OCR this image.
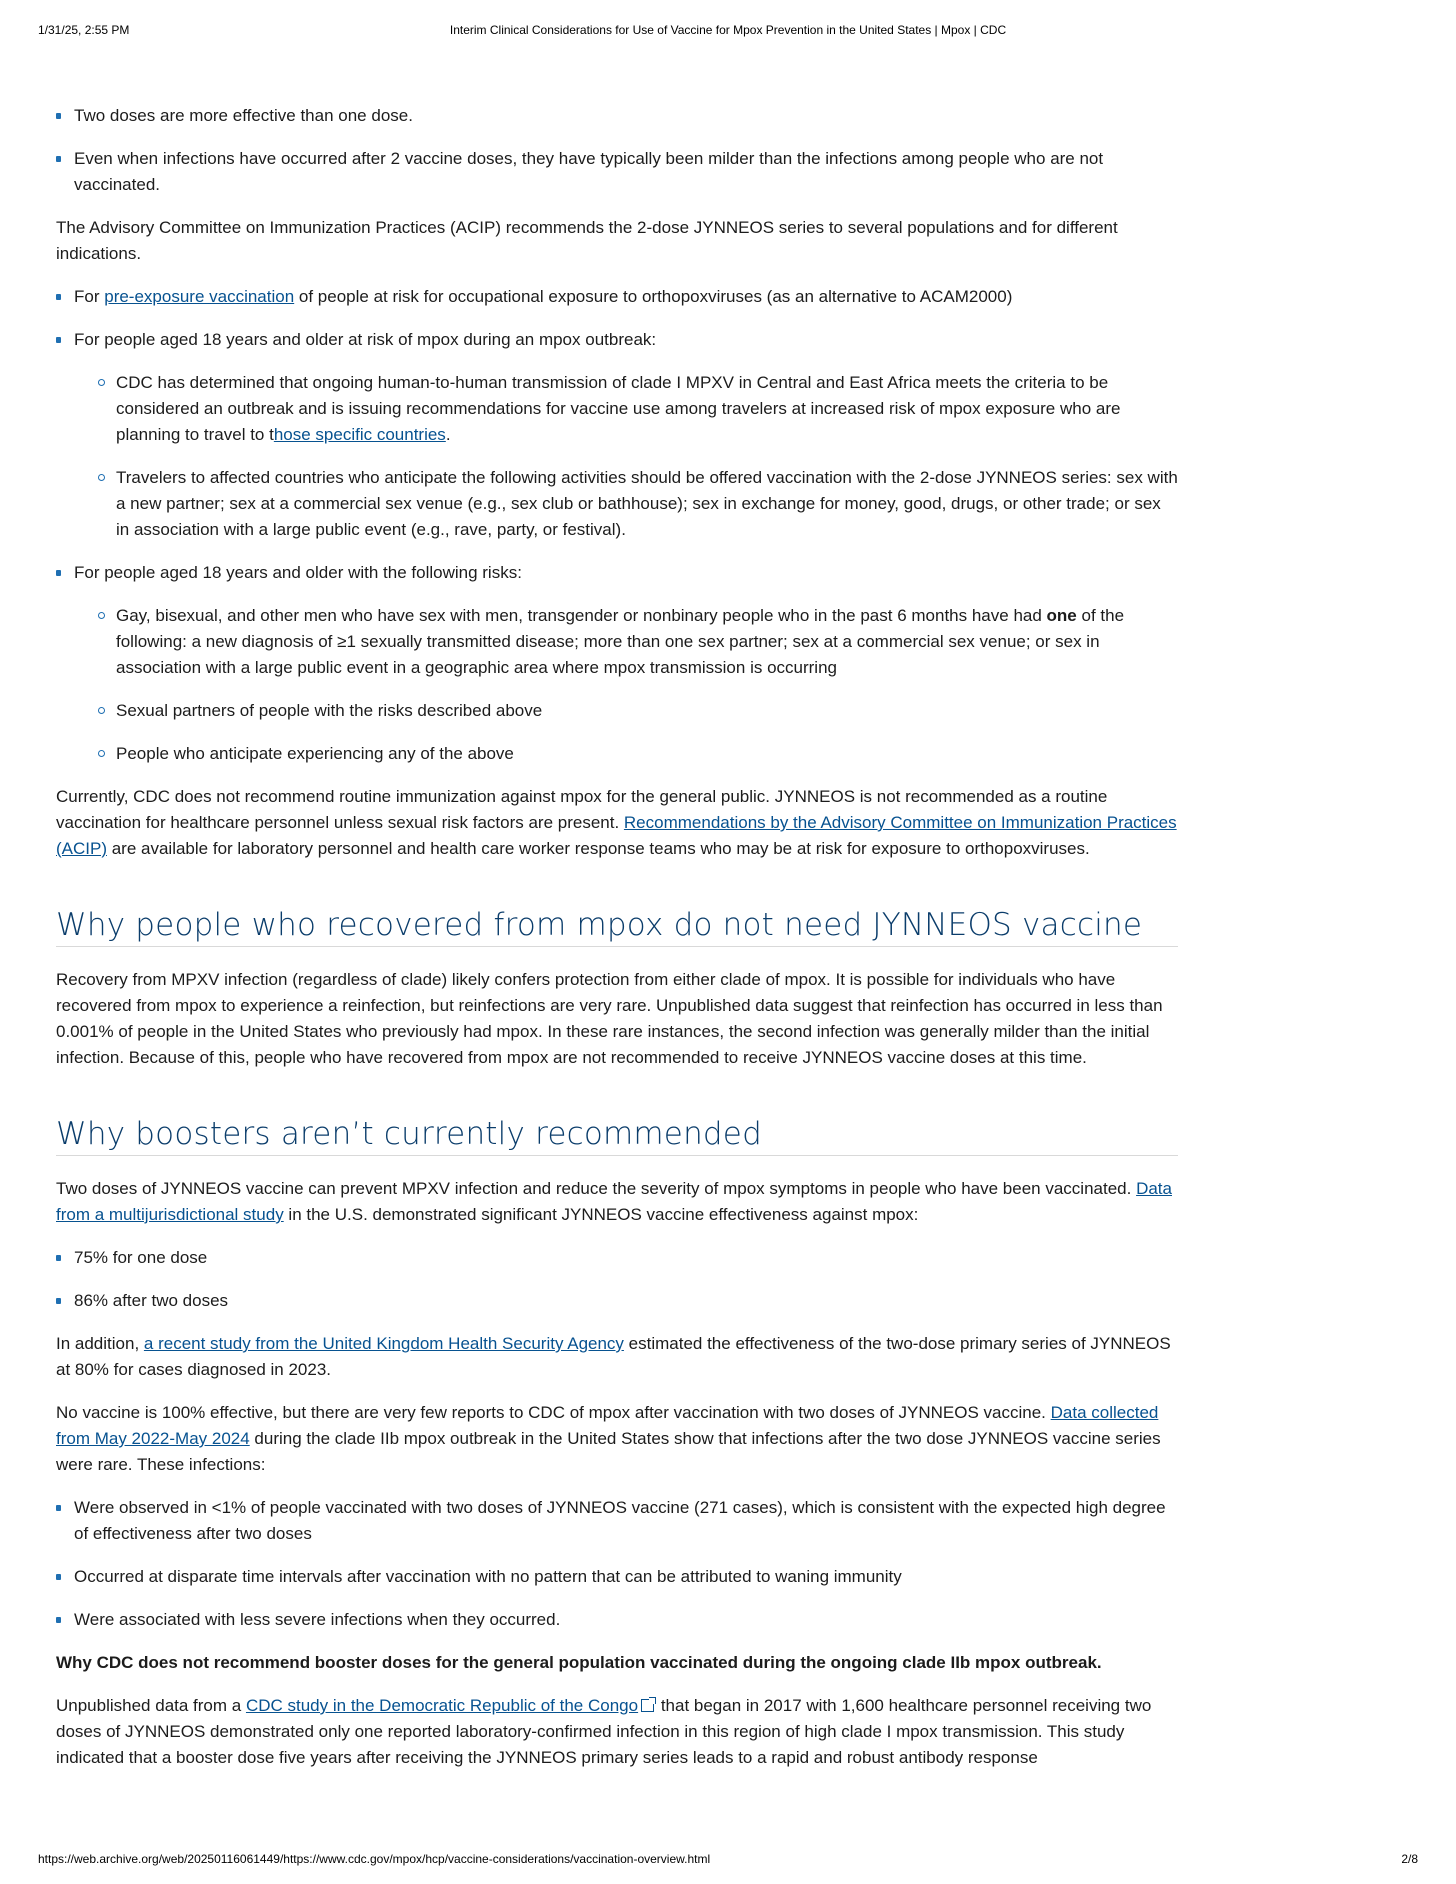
1/31/25, 2:55 PM	Interim Clinical Considerations for Use of Vaccine for Mpox Prevention in the United States | Mpox | CDC
Two doses are more effective than one dose.
Even when infections have occurred after 2 vaccine doses, they have typically been milder than the infections among people who are not vaccinated.

The Advisory Committee on Immunization Practices (ACIP) recommends the 2-dose JYNNEOS series to several populations and for different indications.

For pre-exposure vaccination of people at risk for occupational exposure to orthopoxviruses (as an alternative to ACAM2000)
For people aged 18 years and older at risk of mpox during an mpox outbreak:
CDC has determined that ongoing human-to-human transmission of clade I MPXV in Central and East Africa meets the criteria to be considered an outbreak and is issuing recommendations for vaccine use among travelers at increased risk of mpox exposure who are planning to travel to those specific countries.
Travelers to affected countries who anticipate the following activities should be offered vaccination with the 2-dose JYNNEOS series: sex with a new partner; sex at a commercial sex venue (e.g., sex club or bathhouse); sex in exchange for money, good, drugs, or other trade; or sex in association with a large public event (e.g., rave, party, or festival).
For people aged 18 years and older with the following risks:
Gay, bisexual, and other men who have sex with men, transgender or nonbinary people who in the past 6 months have had one of the following: a new diagnosis of ≥1 sexually transmitted disease; more than one sex partner; sex at a commercial sex venue; or sex in association with a large public event in a geographic area where mpox transmission is occurring
Sexual partners of people with the risks described above
People who anticipate experiencing any of the above

Currently, CDC does not recommend routine immunization against mpox for the general public. JYNNEOS is not recommended as a routine vaccination for healthcare personnel unless sexual risk factors are present. Recommendations by the Advisory Committee on Immunization Practices (ACIP) are available for laboratory personnel and health care worker response teams who may be at risk for exposure to orthopoxviruses.

Why people who recovered from mpox do not need JYNNEOS vaccine

Recovery from MPXV infection (regardless of clade) likely confers protection from either clade of mpox. It is possible for individuals who have recovered from mpox to experience a reinfection, but reinfections are very rare. Unpublished data suggest that reinfection has occurred in less than 0.001% of people in the United States who previously had mpox. In these rare instances, the second infection was generally milder than the initial infection. Because of this, people who have recovered from mpox are not recommended to receive JYNNEOS vaccine doses at this time.

Why boosters aren’t currently recommended

Two doses of JYNNEOS vaccine can prevent MPXV infection and reduce the severity of mpox symptoms in people who have been vaccinated. Data from a multijurisdictional study in the U.S. demonstrated significant JYNNEOS vaccine effectiveness against mpox:

75% for one dose
86% after two doses

In addition, a recent study from the United Kingdom Health Security Agency estimated the effectiveness of the two-dose primary series of JYNNEOS at 80% for cases diagnosed in 2023.

No vaccine is 100% effective, but there are very few reports to CDC of mpox after vaccination with two doses of JYNNEOS vaccine. Data collected from May 2022-May 2024 during the clade IIb mpox outbreak in the United States show that infections after the two dose JYNNEOS vaccine series were rare. These infections:

Were observed in <1% of people vaccinated with two doses of JYNNEOS vaccine (271 cases), which is consistent with the expected high degree of effectiveness after two doses
Occurred at disparate time intervals after vaccination with no pattern that can be attributed to waning immunity
Were associated with less severe infections when they occurred.

Why CDC does not recommend booster doses for the general population vaccinated during the ongoing clade IIb mpox outbreak.

Unpublished data from a CDC study in the Democratic Republic of the Congo that began in 2017 with 1,600 healthcare personnel receiving two doses of JYNNEOS demonstrated only one reported laboratory-confirmed infection in this region of high clade I mpox transmission. This study indicated that a booster dose five years after receiving the JYNNEOS primary series leads to a rapid and robust antibody response

https://web.archive.org/web/20250116061449/https://www.cdc.gov/mpox/hcp/vaccine-considerations/vaccination-overview.html	2/8
